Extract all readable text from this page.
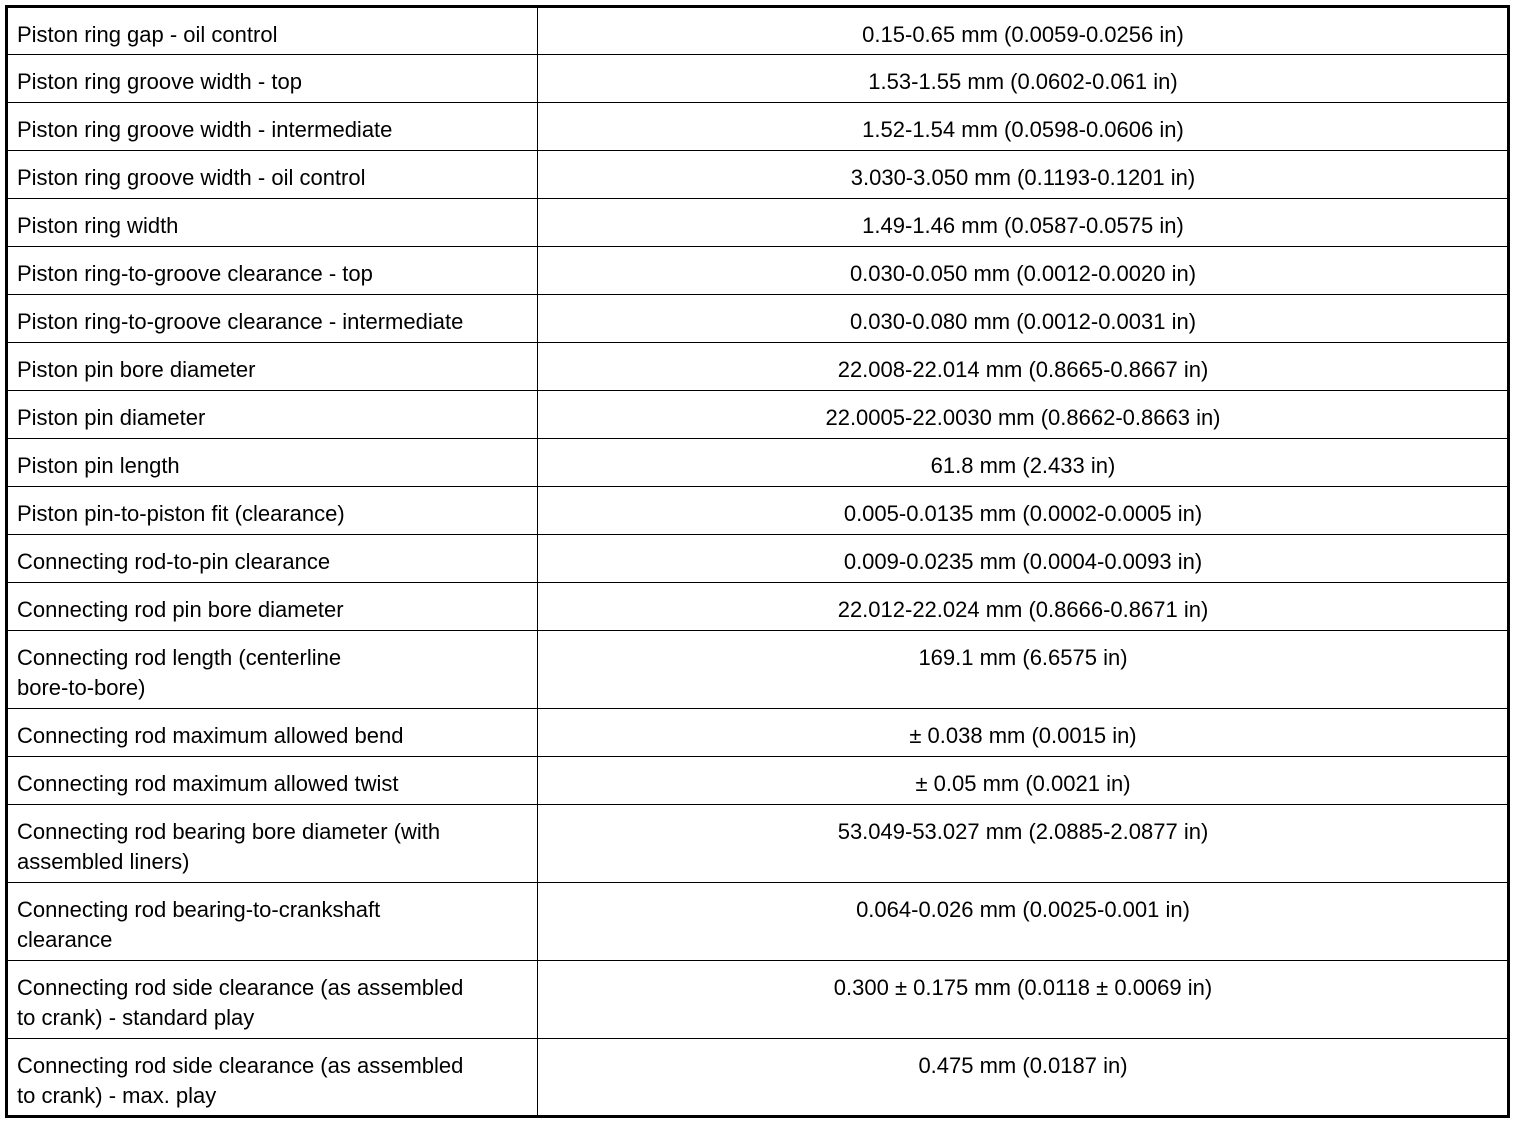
Piston ring gap - oil control	0.15-0.65 mm (0.0059-0.0256 in)
Piston ring groove width - top	1.53-1.55 mm (0.0602-0.061 in)
Piston ring groove width - intermediate	1.52-1.54 mm (0.0598-0.0606 in)
Piston ring groove width - oil control	3.030-3.050 mm (0.1193-0.1201 in)
Piston ring width	1.49-1.46 mm (0.0587-0.0575 in)
Piston ring-to-groove clearance - top	0.030-0.050 mm (0.0012-0.0020 in)
Piston ring-to-groove clearance - intermediate	0.030-0.080 mm (0.0012-0.0031 in)
Piston pin bore diameter	22.008-22.014 mm (0.8665-0.8667 in)
Piston pin diameter	22.0005-22.0030 mm (0.8662-0.8663 in)
Piston pin length	61.8 mm (2.433 in)
Piston pin-to-piston fit (clearance)	0.005-0.0135 mm (0.0002-0.0005 in)
Connecting rod-to-pin clearance	0.009-0.0235 mm (0.0004-0.0093 in)
Connecting rod pin bore diameter	22.012-22.024 mm (0.8666-0.8671 in)
Connecting rod length (centerline
bore-to-bore)	169.1 mm (6.6575 in)
Connecting rod maximum allowed bend	± 0.038 mm (0.0015 in)
Connecting rod maximum allowed twist	± 0.05 mm (0.0021 in)
Connecting rod bearing bore diameter (with
assembled liners)	53.049-53.027 mm (2.0885-2.0877 in)
Connecting rod bearing-to-crankshaft
clearance	0.064-0.026 mm (0.0025-0.001 in)
Connecting rod side clearance (as assembled
to crank) - standard play	0.300 ± 0.175 mm (0.0118 ± 0.0069 in)
Connecting rod side clearance (as assembled
to crank) - max. play	0.475 mm (0.0187 in)
